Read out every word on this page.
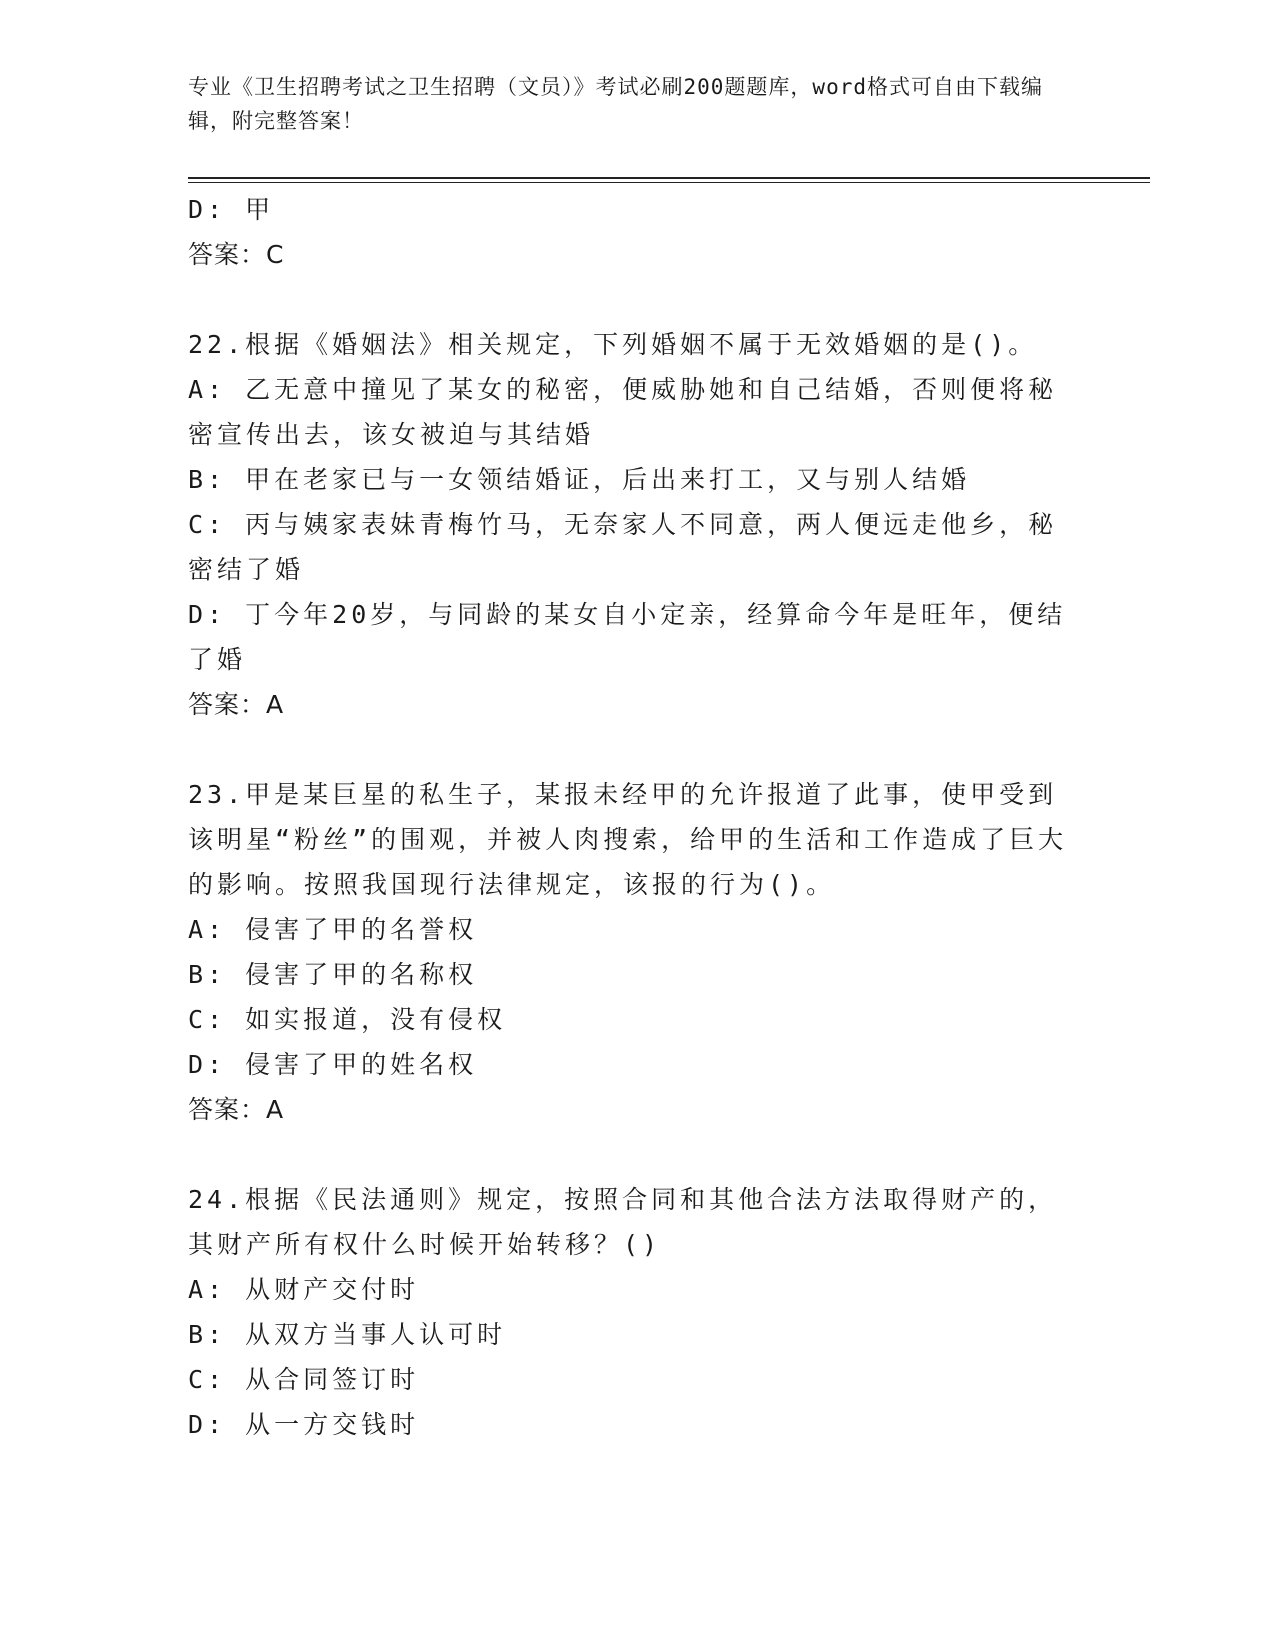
专业《卫生招聘考试之卫生招聘（文员）》考试必刷200题题库，word格式可自由下载编辑，附完整答案！

D: 甲

答案：C

22.根据《婚姻法》相关规定，下列婚姻不属于无效婚姻的是()。

A: 乙无意中撞见了某女的秘密，便威胁她和自己结婚，否则便将秘密宣传出去，该女被迫与其结婚

B: 甲在老家已与一女领结婚证，后出来打工，又与别人结婚

C: 丙与姨家表妹青梅竹马，无奈家人不同意，两人便远走他乡，秘密结了婚

D: 丁今年20岁，与同龄的某女自小定亲，经算命今年是旺年，便结了婚

答案：A

23.甲是某巨星的私生子，某报未经甲的允许报道了此事，使甲受到该明星“粉丝”的围观，并被人肉搜索，给甲的生活和工作造成了巨大的影响。按照我国现行法律规定，该报的行为()。

A: 侵害了甲的名誉权

B: 侵害了甲的名称权

C: 如实报道，没有侵权

D: 侵害了甲的姓名权

答案：A

24.根据《民法通则》规定，按照合同和其他合法方法取得财产的，其财产所有权什么时候开始转移？()

A: 从财产交付时

B: 从双方当事人认可时

C: 从合同签订时

D: 从一方交钱时
